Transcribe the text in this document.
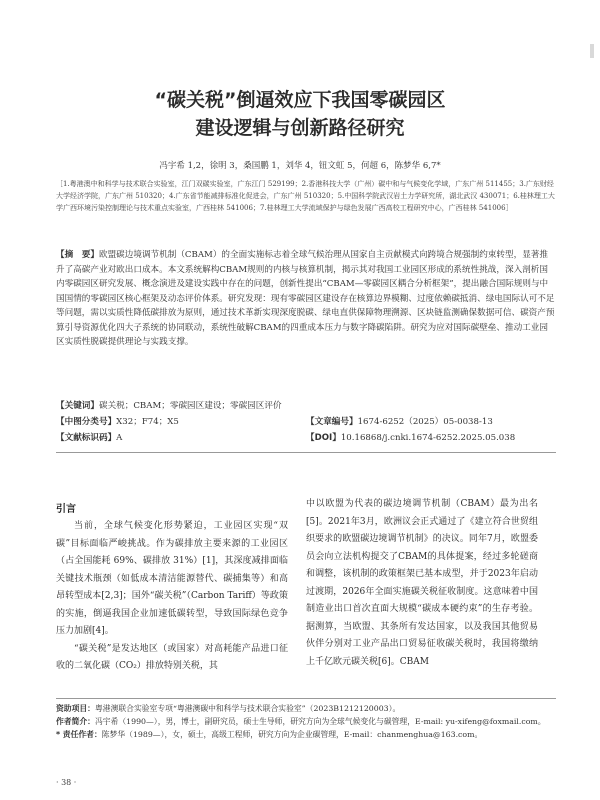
“碳关税”倒逼效应下我国零碳园区
建设逻辑与创新路径研究
冯宇希 1,2，徐明 3，桑国鹏 1，刘华 4，钮文虹 5，何超 6，陈梦华 6,7*
［1.粤港澳中和科学与技术联合实验室，江门双碳实验室，广东江门 529199；2.香港科技大学（广州）碳中和与气候变化学域，广东广州 511455；3.广东财经大学经济学院，广东广州 510320；4.广东省节能减排标准化促进会，广东广州 510320；5.中国科学院武汉岩土力学研究所，湖北武汉 430071；6.桂林理工大学广西环境污染控制理论与技术重点实验室，广西桂林 541006；7.桂林理工大学流域保护与绿色发展广西高校工程研究中心，广西桂林 541006］
【摘　要】欧盟碳边境调节机制（CBAM）的全面实施标志着全球气候治理从国家自主贡献模式向跨境合规强制约束转型，显著推升了高碳产业对欧出口成本。本文系统解构CBAM规则的内核与核算机制，揭示其对我国工业园区形成的系统性挑战，深入剖析国内零碳园区研究发展、概念演进及建设实践中存在的问题，创新性提出“CBAM—零碳园区耦合分析框架”，提出融合国际规则与中国国情的零碳园区核心框架及动态评价体系。研究发现：现有零碳园区建设存在核算边界模糊、过度依赖碳抵消、绿电国际认可不足等问题，需以实质性降低碳排放为原则，通过技术革新实现深度脱碳、绿电直供保障物理溯源、区块链监测确保数据可信、碳资产预算引导资源优化四大子系统的协同联动，系统性破解CBAM的四重成本压力与数字降碳陷阱。研究为应对国际碳壁垒、推动工业园区实质性脱碳提供理论与实践支撑。
【关键词】 碳关税；CBAM；零碳园区建设；零碳园区评价
【中图分类号】X32；F74；X5	【文章编号】1674-6252（2025）05-0038-13
【文献标识码】A	【DOI】10.16868/j.cnki.1674-6252.2025.05.038
引言

当前，全球气候变化形势紧迫，工业园区实现“双碳”目标面临严峻挑战。作为碳排放主要来源的工业园区（占全国能耗 69%、碳排放 31%）[1]，其深度减排面临关键技术瓶颈（如低成本清洁能源替代、碳捕集等）和高昂转型成本[2,3]；国外“碳关税”（Carbon Tariff）等政策的实施，倒逼我国企业加速低碳转型，导致国际绿色竞争压力加剧[4]。

“碳关税”是发达地区（或国家）对高耗能产品进口征收的二氧化碳（CO₂）排放特别关税，其

中以欧盟为代表的碳边境调节机制（CBAM）最为出名[5]。2021年3月，欧洲议会正式通过了《建立符合世贸组织要求的欧盟碳边境调节机制》的决议。同年7月，欧盟委员会向立法机构提交了CBAM的具体提案，经过多轮磋商和调整，该机制的政策框架已基本成型，并于2023年启动过渡期，2026年全面实施碳关税征收制度。这意味着中国制造业出口首次直面大规模“碳成本硬约束”的生存考验。据测算，当欧盟、其条所有发达国家，以及我国其他贸易伙伴分别对工业产品出口贸易征收碳关税时，我国将缴纳上千亿欧元碳关税[6]。CBAM

资助项目：粤港澳联合实验室专项“粤港澳碳中和科学与技术联合实验室”（2023B1212120003）。
作者简介：冯宇希（1990—），男，博士，副研究员，硕士生导师，研究方向为全球气候变化与碳管理，E-mail: yu-xifeng@foxmail.com。
* 责任作者：陈梦华（1989—），女，硕士，高级工程师，研究方向为企业碳管理，E-mail：chanmenghua@163.com。
· 38 ·
